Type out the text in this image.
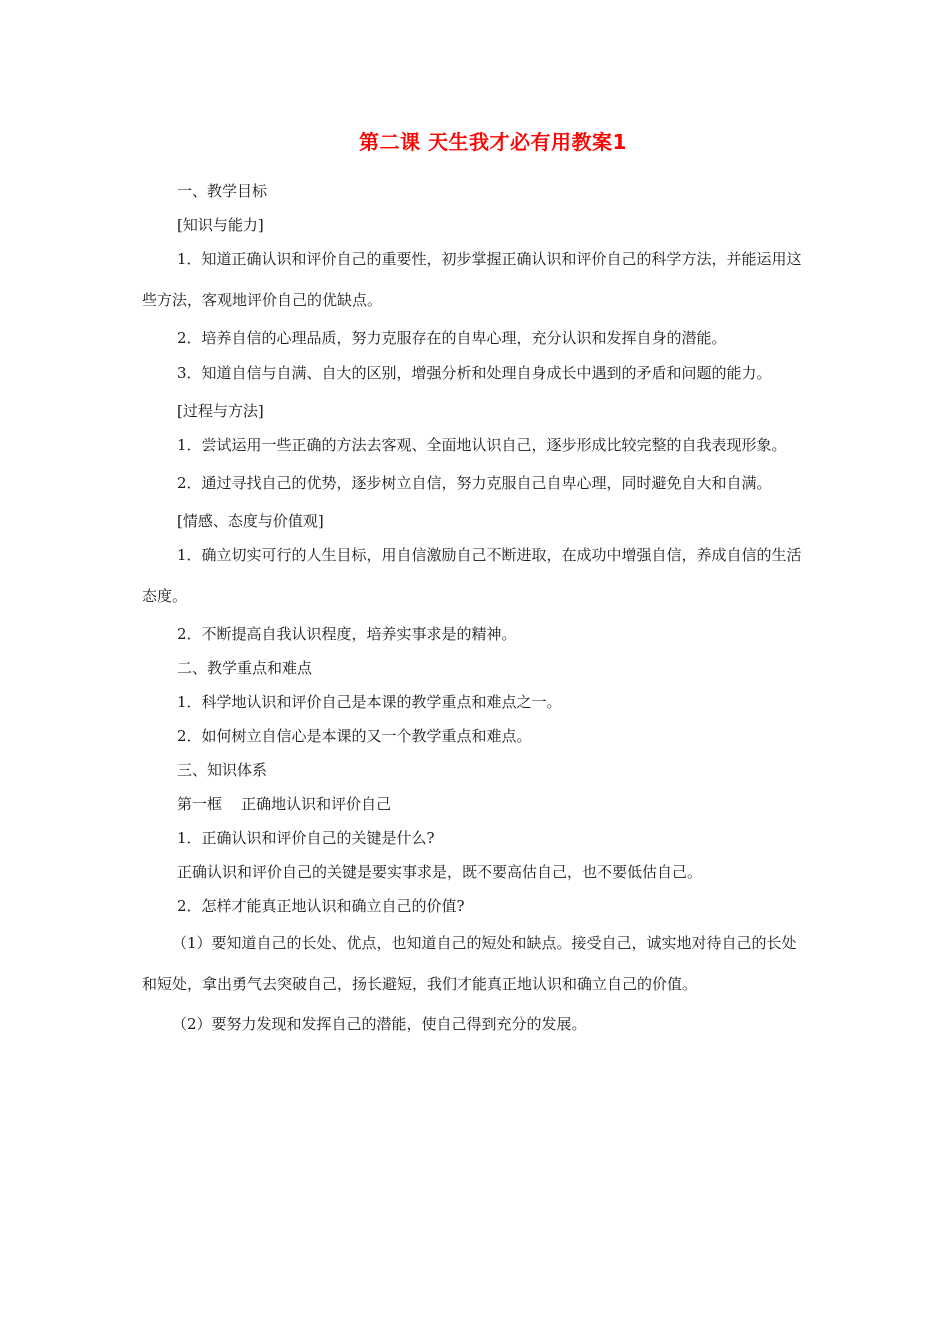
第二课 天生我才必有用教案1

一、教学目标

[知识与能力]

1．知道正确认识和评价自己的重要性，初步掌握正确认识和评价自己的科学方法，并能运用这些方法，客观地评价自己的优缺点。

2．培养自信的心理品质，努力克服存在的自卑心理，充分认识和发挥自身的潜能。

3．知道自信与自满、自大的区别，增强分析和处理自身成长中遇到的矛盾和问题的能力。

[过程与方法]

1．尝试运用一些正确的方法去客观、全面地认识自己，逐步形成比较完整的自我表现形象。

2．通过寻找自己的优势，逐步树立自信，努力克服自己自卑心理，同时避免自大和自满。

[情感、态度与价值观]

1．确立切实可行的人生目标，用自信激励自己不断进取，在成功中增强自信，养成自信的生活态度。

2．不断提高自我认识程度，培养实事求是的精神。

二、教学重点和难点

1．科学地认识和评价自己是本课的教学重点和难点之一。

2．如何树立自信心是本课的又一个教学重点和难点。

三、知识体系

第一框    正确地认识和评价自己

1．正确认识和评价自己的关键是什么?

正确认识和评价自己的关键是要实事求是，既不要高估自己，也不要低估自己。

2．怎样才能真正地认识和确立自己的价值?

（1）要知道自己的长处、优点，也知道自己的短处和缺点。接受自己，诚实地对待自己的长处和短处，拿出勇气去突破自己，扬长避短，我们才能真正地认识和确立自己的价值。

（2）要努力发现和发挥自己的潜能，使自己得到充分的发展。
